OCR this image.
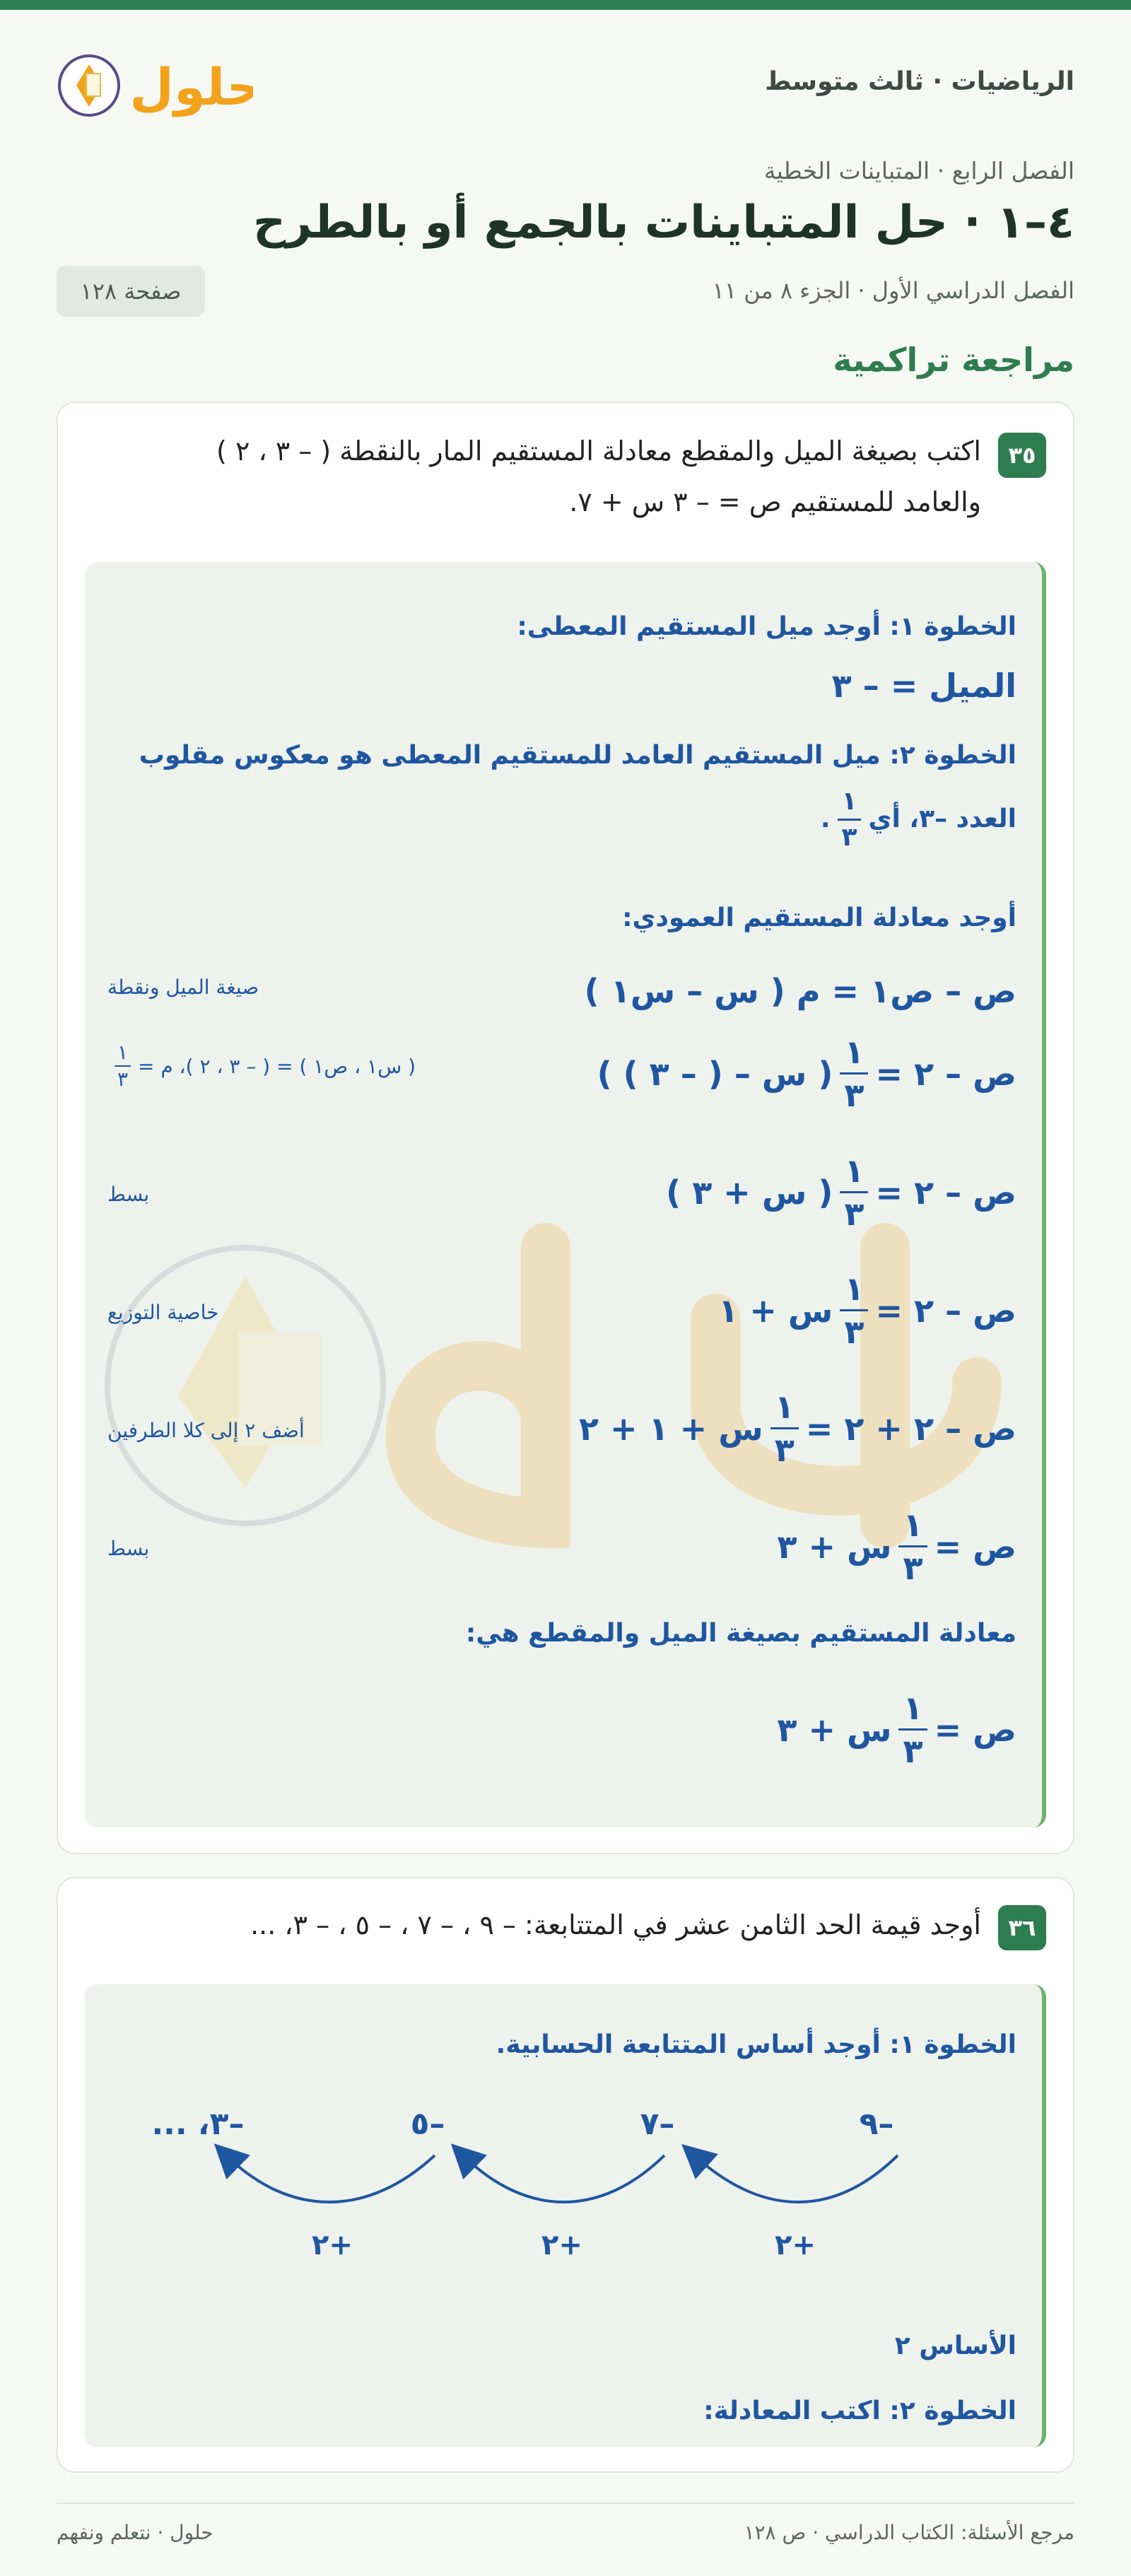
حلول	الرياضيات · ثالث متوسط
الفصل الرابع · المتباينات الخطية
٤–١ · حل المتباينات بالجمع أو بالطرح
الفصل الدراسي الأول · الجزء ٨ من ١١
صفحة ١٢٨
مراجعة تراكمية
٣٥
اكتب بصيغة الميل والمقطع معادلة المستقيم المار بالنقطة ( – ٣ ، ٢ )
والعامد للمستقيم ص = – ٣ س + ٧.
الخطوة ١: أوجد ميل المستقيم المعطى:
الميل = – ٣
الخطوة ٢: ميل المستقيم العامد للمستقيم المعطى هو معكوس مقلوب
العدد –٣، أي
$\frac{١}{٣}$
.
أوجد معادلة المستقيم العمودي:
ص – ص١ = م ( س – س١ )
صيغة الميل ونقطة
ص – ٢ =
$\frac{١}{٣}$
( س – ( – ٣ ) )
( س١ ، ص١ ) = ( – ٣ ، ٢ )، م =
$\frac{١}{٣}$
ص – ٢ =
$\frac{١}{٣}$
( س + ٣ )
بسط
ص – ٢ =
$\frac{١}{٣}$
س + ١
خاصية التوزيع
ص – ٢ + ٢ =
$\frac{١}{٣}$
س + ١ + ٢
أضف ٢ إلى كلا الطرفين
ص =
$\frac{١}{٣}$
س + ٣
بسط
معادلة المستقيم بصيغة الميل والمقطع هي:
ص =
$\frac{١}{٣}$
س + ٣
٣٦
أوجد قيمة الحد الثامن عشر في المتتابعة: – ٩ ، – ٧ ، – ٥ ، – ٣، ...
الخطوة ١: أوجد أساس المتتابعة الحسابية.
–٩
–٧
–٥
–٣، ...
+٢
+٢
+٢
الأساس ٢
الخطوة ٢: اكتب المعادلة:
مرجع الأسئلة: الكتاب الدراسي · ص ١٢٨
حلول · نتعلم ونفهم
